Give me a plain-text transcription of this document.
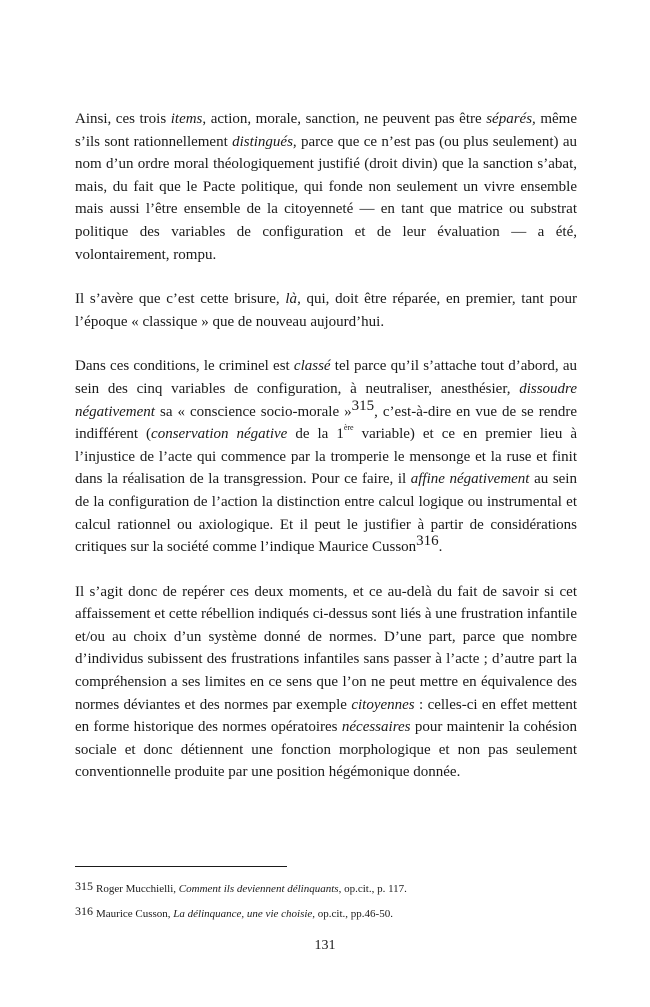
Ainsi, ces trois items, action, morale, sanction, ne peuvent pas être séparés, même s’ils sont rationnellement distingués, parce que ce n’est pas (ou plus seulement) au nom d’un ordre moral théologiquement justifié (droit divin) que la sanction s’abat, mais, du fait que le Pacte politique, qui fonde non seulement un vivre ensemble mais aussi l’être ensemble de la citoyenneté — en tant que matrice ou substrat politique des variables de configuration et de leur évaluation — a été, volontairement, rompu.

Il s’avère que c’est cette brisure, là, qui, doit être réparée, en premier, tant pour l’époque « classique » que de nouveau aujourd’hui.

Dans ces conditions, le criminel est classé tel parce qu’il s’attache tout d’abord, au sein des cinq variables de configuration, à neutraliser, anesthésier, dissoudre négativement sa « conscience socio-morale »$^{315}$, c’est-à-dire en vue de se rendre indifférent (conservation négative de la 1ère variable) et ce en premier lieu à l’injustice de l’acte qui commence par la tromperie le mensonge et la ruse et finit dans la réalisation de la transgression. Pour ce faire, il affine négativement au sein de la configuration de l’action la distinction entre calcul logique ou instrumental et calcul rationnel ou axiologique. Et il peut le justifier à partir de considérations critiques sur la société comme l’indique Maurice Cusson$^{316}$.

Il s’agit donc de repérer ces deux moments, et ce au-delà du fait de savoir si cet affaissement et cette rébellion indiqués ci-dessus sont liés à une frustration infantile et/ou au choix d’un système donné de normes. D’une part, parce que nombre d’individus subissent des frustrations infantiles sans passer à l’acte ; d’autre part la compréhension a ses limites en ce sens que l’on ne peut mettre en équivalence des normes déviantes et des normes par exemple citoyennes : celles-ci en effet mettent en forme historique des normes opératoires nécessaires pour maintenir la cohésion sociale et donc détiennent une fonction morphologique et non pas seulement conventionnelle produite par une position hégémonique donnée.

315 Roger Mucchielli, Comment ils deviennent délinquants, op.cit., p. 117.

316 Maurice Cusson, La délinquance, une vie choisie, op.cit., pp.46-50.

131
